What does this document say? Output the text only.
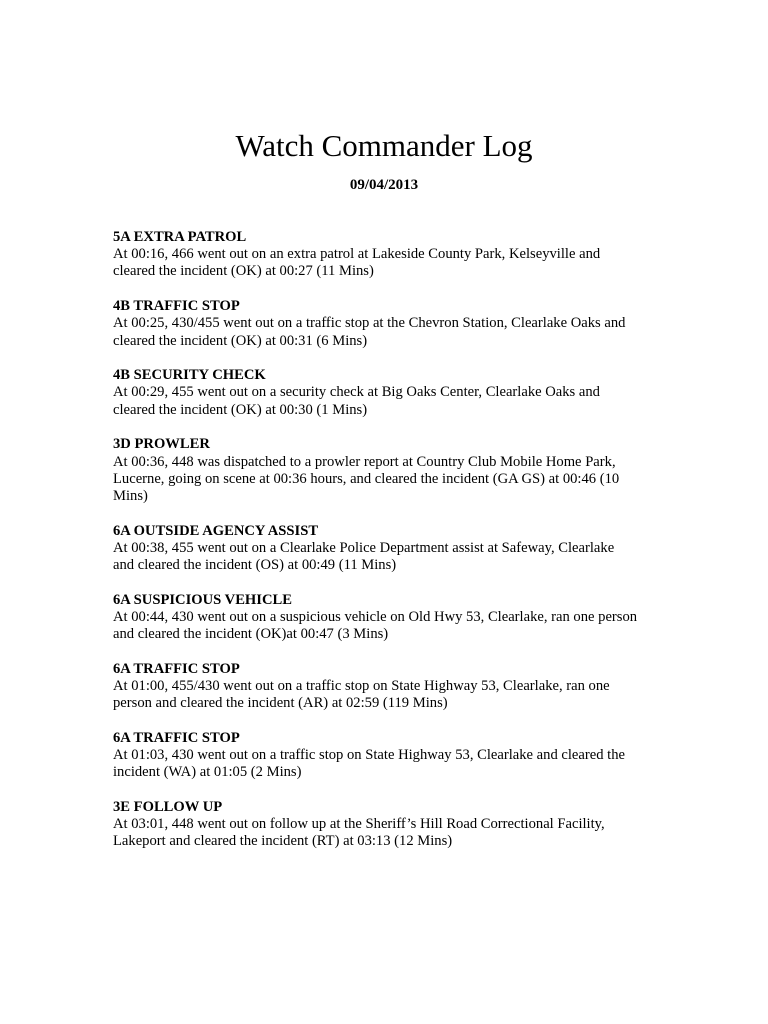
Watch Commander Log
09/04/2013
5A EXTRA PATROL
At 00:16, 466 went out on an extra patrol at Lakeside County Park, Kelseyville and
cleared the incident (OK) at 00:27 (11 Mins)
4B TRAFFIC STOP
At 00:25, 430/455 went out on a traffic stop at the Chevron Station, Clearlake Oaks and
cleared the incident (OK) at 00:31 (6 Mins)
4B SECURITY CHECK
At 00:29, 455 went out on a security check at Big Oaks Center, Clearlake Oaks and
cleared the incident (OK) at 00:30 (1 Mins)
3D PROWLER
At 00:36, 448 was dispatched to a prowler report at Country Club Mobile Home Park,
Lucerne, going on scene at 00:36 hours, and cleared the incident (GA GS) at 00:46 (10
Mins)
6A OUTSIDE AGENCY ASSIST
At 00:38, 455 went out on a Clearlake Police Department assist at Safeway, Clearlake
and cleared the incident (OS) at 00:49 (11 Mins)
6A SUSPICIOUS VEHICLE
At 00:44, 430 went out on a suspicious vehicle on Old Hwy 53, Clearlake, ran one person
and cleared the incident (OK)at 00:47 (3 Mins)
6A TRAFFIC STOP
At 01:00, 455/430 went out on a traffic stop on State Highway 53, Clearlake, ran one
person and cleared the incident (AR) at 02:59 (119 Mins)
6A TRAFFIC STOP
At 01:03, 430 went out on a traffic stop on State Highway 53, Clearlake and cleared the
incident (WA) at 01:05 (2 Mins)
3E FOLLOW UP
At 03:01, 448 went out on follow up at the Sheriff’s Hill Road Correctional Facility,
Lakeport and cleared the incident (RT) at 03:13 (12 Mins)
